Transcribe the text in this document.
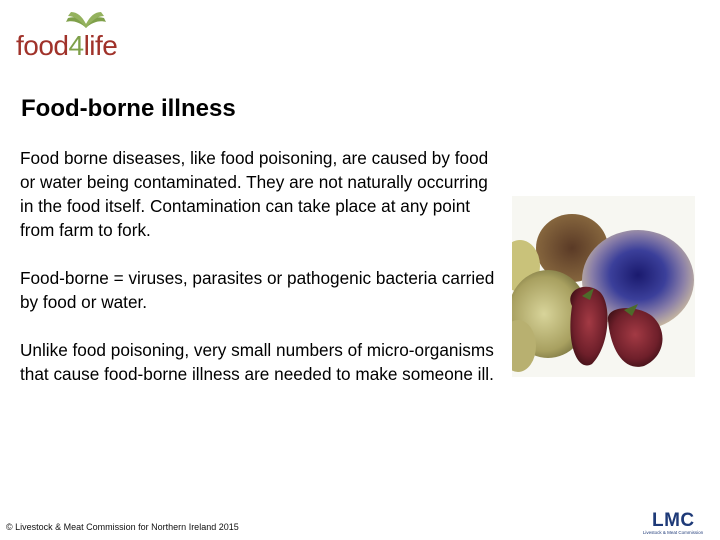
food4life
Food-borne illness

Food borne diseases, like food poisoning, are caused by food or water being contaminated. They are not naturally occurring in the food itself. Contamination can take place at any point from farm to fork.

Food-borne = viruses, parasites or pathogenic bacteria carried by food or water.

Unlike food poisoning, very small numbers of micro-organisms that cause food-borne illness are needed to make someone ill.

© Livestock & Meat Commission for Northern Ireland 2015	LMC
Livestock & Meat Commission
